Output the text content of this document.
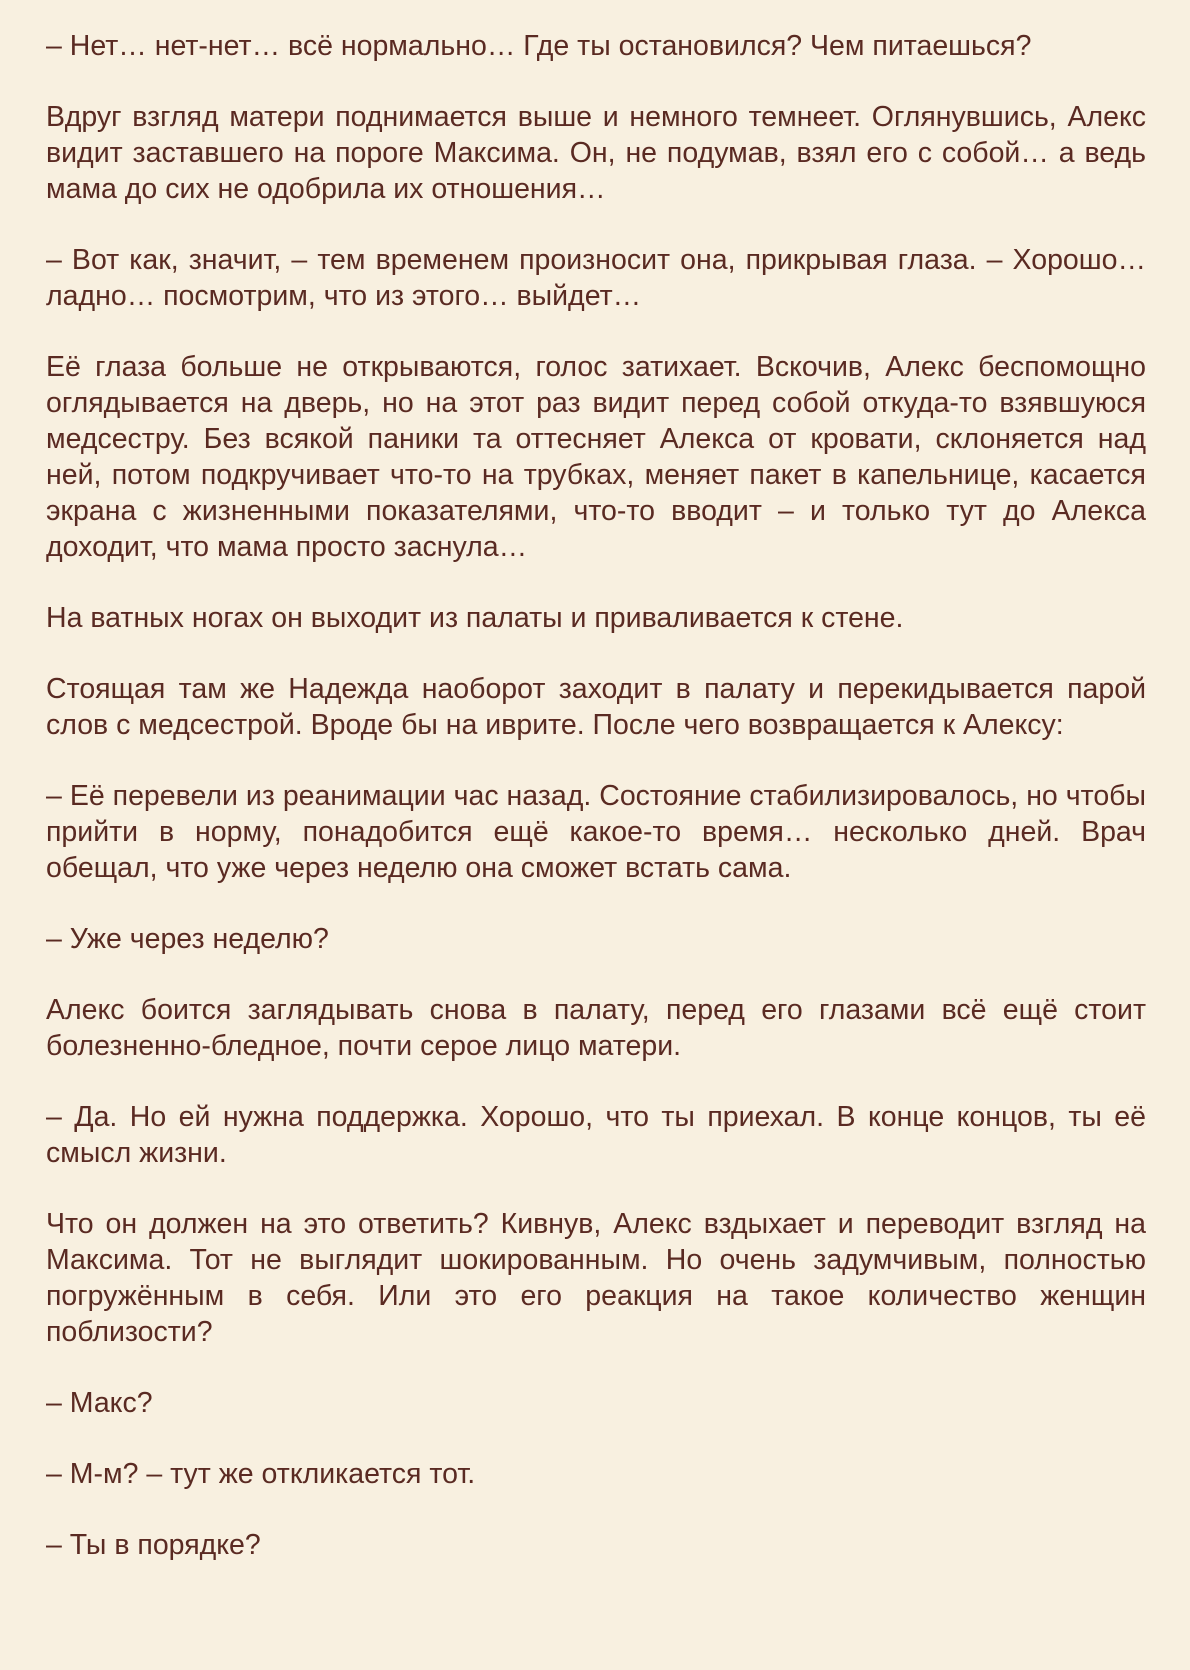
– Нет… нет-нет… всё нормально… Где ты остановился? Чем питаешься?

Вдруг взгляд матери поднимается выше и немного темнеет. Оглянувшись, Алекс видит заставшего на пороге Максима. Он, не подумав, взял его с собой… а ведь мама до сих не одобрила их отношения…

– Вот как, значит, – тем временем произносит она, прикрывая глаза. – Хорошо… ладно… посмотрим, что из этого… выйдет…

Её глаза больше не открываются, голос затихает. Вскочив, Алекс беспомощно оглядывается на дверь, но на этот раз видит перед собой откуда-то взявшуюся медсестру. Без всякой паники та оттесняет Алекса от кровати, склоняется над ней, потом подкручивает что-то на трубках, меняет пакет в капельнице, касается экрана с жизненными показателями, что-то вводит – и только тут до Алекса доходит, что мама просто заснула…

На ватных ногах он выходит из палаты и приваливается к стене.

Стоящая там же Надежда наоборот заходит в палату и перекидывается парой слов с медсестрой. Вроде бы на иврите. После чего возвращается к Алексу:

– Её перевели из реанимации час назад. Состояние стабилизировалось, но чтобы прийти в норму, понадобится ещё какое-то время… несколько дней. Врач обещал, что уже через неделю она сможет встать сама.

– Уже через неделю?

Алекс боится заглядывать снова в палату, перед его глазами всё ещё стоит болезненно-бледное, почти серое лицо матери.

– Да. Но ей нужна поддержка. Хорошо, что ты приехал. В конце концов, ты её смысл жизни.

Что он должен на это ответить? Кивнув, Алекс вздыхает и переводит взгляд на Максима. Тот не выглядит шокированным. Но очень задумчивым, полностью погружённым в себя. Или это его реакция на такое количество женщин поблизости?

– Макс?

– М-м? – тут же откликается тот.

– Ты в порядке?
